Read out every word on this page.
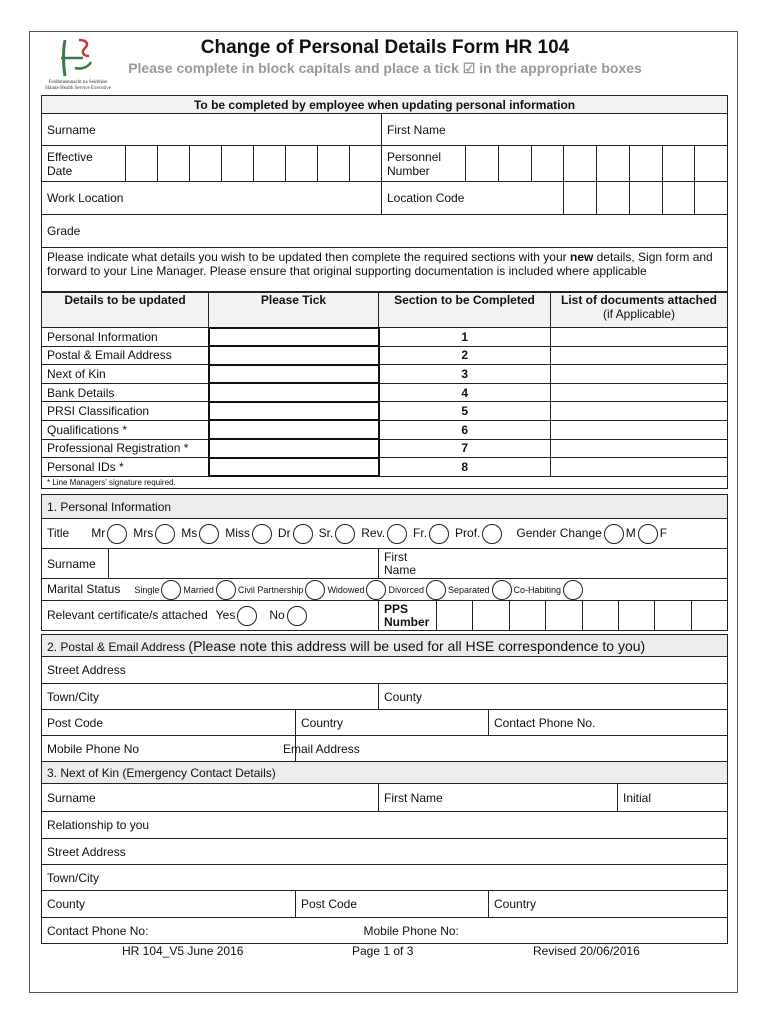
Feidhmeannacht na Seirbhíse Sláinte Health Service Executive
Change of Personal Details Form HR 104
Please complete in block capitals and place a tick ☑ in the appropriate boxes
To be completed by employee when updating personal information																	
Surname									First Name								
Effective
Date									Personnel
Number								
Work Location									Location Code								
Grade																	
Please indicate what details you wish to be updated then complete the required sections with your new details, Sign form and forward to your Line Manager. Please ensure that original supporting documentation is included where applicable																	
Details to be updated	Please Tick	Section to be Completed	List of documents attached
(if Applicable)
Personal Information		1	
Postal & Email Address		2	
Next of Kin		3	
Bank Details		4	
PRSI Classification		5	
Qualifications *		6	
Professional Registration *		7	
Personal IDs *		8	
* Line Managers' signature required.			
1. Personal Information										
Title Mr Mrs Ms Miss Dr Sr. Rev. Fr. Prof. Gender Change M F										
Surname		First
Name								
Marital Status Single Married Civil Partnership Widowed Divorced Separated Co-Habiting										
Relevant certificate/s attached Yes No		PPS
Number								
2. Postal & Email Address (Please note this address will be used for all HSE correspondence to you)			
Street Address			
Town/City		County	
Post Code	Country		Contact Phone No.
Mobile Phone No	Email Address		
3. Next of Kin (Emergency Contact Details)				
Surname		First Name		Initial
Relationship to you				
Street Address				
Town/City				
County	Post Code		Country	
Contact Phone No: Mobile Phone No:				
HR 104_V5 June 2016	Page 1 of 3	Revised 20/06/2016
